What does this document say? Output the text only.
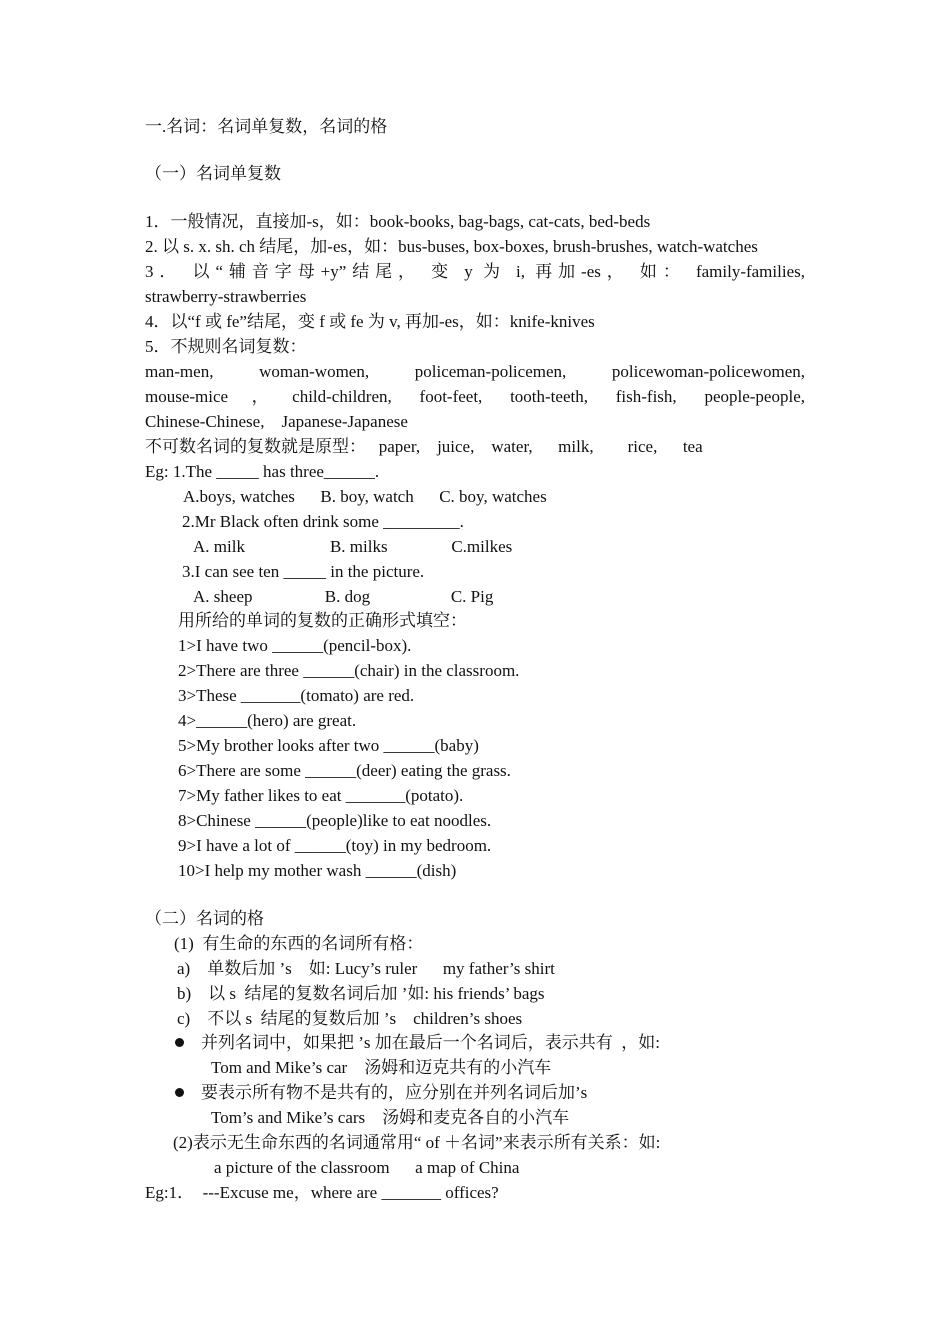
一.名词：名词单复数，名词的格
（一）名词单复数
1．一般情况，直接加-s，如：book-books, bag-bags, cat-cats, bed-beds
2. 以 s. x. sh. ch 结尾，加-es，如：bus-buses, box-boxes, brush-brushes, watch-watches
3． 以“辅音字母+y”结尾， 变 y 为 i, 再加-es， 如： family-families,
strawberry-strawberries
4．以“f 或 fe”结尾，变 f 或 fe 为 v, 再加-es，如：knife-knives
5．不规则名词复数：
man-men, woman-women, policeman-policemen, policewoman-policewomen,
mouse-mice，child-children, foot-feet, tooth-teeth, fish-fish, people-people,
Chinese-Chinese,    Japanese-Japanese
不可数名词的复数就是原型：   paper,    juice,    water,      milk,        rice,      tea
Eg: 1.The _____ has three______.
A.boys, watches      B. boy, watch      C. boy, watches
2.Mr Black often drink some _________.
A. milk                    B. milks               C.milkes
3.I can see ten _____ in the picture.
A. sheep                 B. dog                   C. Pig
用所给的单词的复数的正确形式填空：
1>I have two ______(pencil-box).
2>There are three ______(chair) in the classroom.
3>These _______(tomato) are red.
4>______(hero) are great.
5>My brother looks after two ______(baby)
6>There are some ______(deer) eating the grass.
7>My father likes to eat _______(potato).
8>Chinese ______(people)like to eat noodles.
9>I have a lot of ______(toy) in my bedroom.
10>I help my mother wash ______(dish)
（二）名词的格
(1)  有生命的东西的名词所有格：
a)    单数后加 ’s    如: Lucy’s ruler      my father’s shirt
b)    以 s  结尾的复数名词后加 ’如: his friends’ bags
c)    不以 s  结尾的复数后加 ’s    children’s shoes
并列名词中，如果把 ’s 加在最后一个名词后，表示共有  ，如:
Tom and Mike’s car    汤姆和迈克共有的小汽车
要表示所有物不是共有的，应分别在并列名词后加’s
Tom’s and Mike’s cars    汤姆和麦克各自的小汽车
(2)表示无生命东西的名词通常用“ of ＋名词”来表示所有关系：如:
a picture of the classroom      a map of China
Eg:1．  ---Excuse me，where are _______ offices?
